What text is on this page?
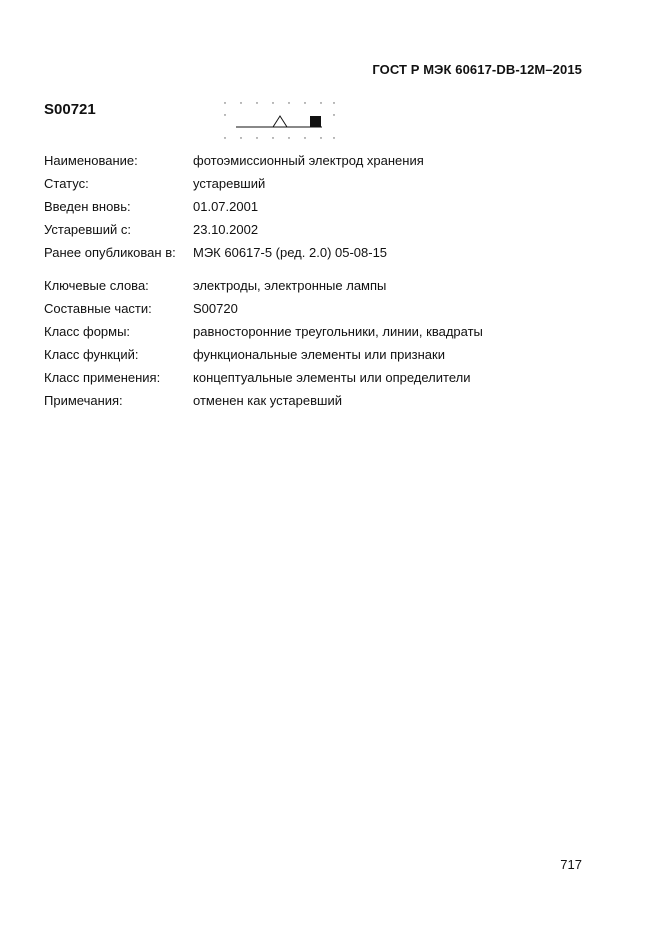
ГОСТ Р МЭК 60617-DB-12M–2015
S00721
Наименование:	фотоэмиссионный электрод хранения
Статус:	устаревший
Введен вновь:	01.07.2001
Устаревший с:	23.10.2002
Ранее опубликован в:	МЭК 60617-5 (ред. 2.0) 05-08-15
Ключевые слова:	электроды, электронные лампы
Составные части:	S00720
Класс формы:	равносторонние треугольники, линии, квадраты
Класс функций:	функциональные элементы или признаки
Класс применения:	концептуальные элементы или определители
Примечания:	отменен как устаревший
717
